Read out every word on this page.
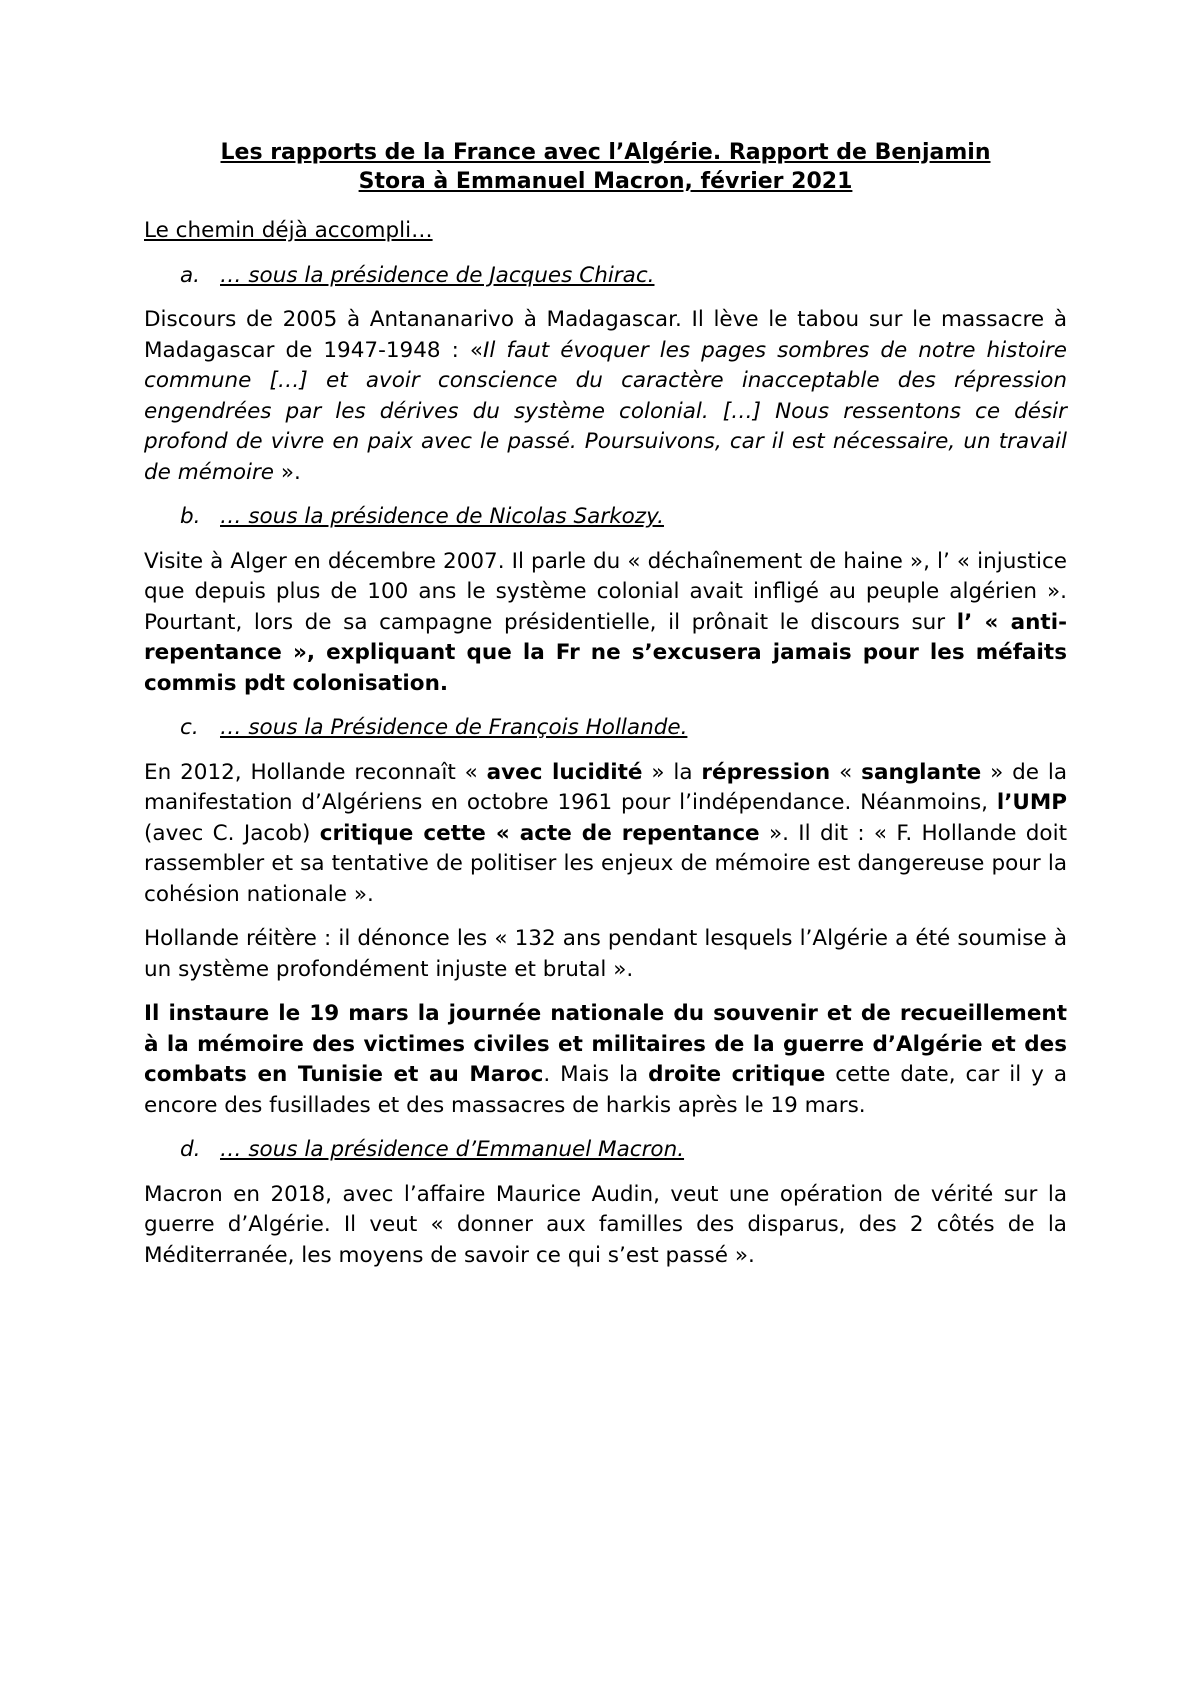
Les rapports de la France avec l’Algérie. Rapport de Benjamin
Stora à Emmanuel Macron, février 2021

Le chemin déjà accompli…

a. … sous la présidence de Jacques Chirac.

Discours de 2005 à Antananarivo à Madagascar. Il lève le tabou sur le massacre à Madagascar de 1947-1948 : «Il faut évoquer les pages sombres de notre histoire commune […] et avoir conscience du caractère inacceptable des répression engendrées par les dérives du système colonial. […] Nous ressentons ce désir profond de vivre en paix avec le passé. Poursuivons, car il est nécessaire, un travail de mémoire ».

b. … sous la présidence de Nicolas Sarkozy.

Visite à Alger en décembre 2007. Il parle du « déchaînement de haine », l’ « injustice que depuis plus de 100 ans le système colonial avait infligé au peuple algérien ». Pourtant, lors de sa campagne présidentielle, il prônait le discours sur l’ « anti-repentance », expliquant que la Fr ne s’excusera jamais pour les méfaits commis pdt colonisation.

c. … sous la Présidence de François Hollande.

En 2012, Hollande reconnaît « avec lucidité » la répression « sanglante » de la manifestation d’Algériens en octobre 1961 pour l’indépendance. Néanmoins, l’UMP (avec C. Jacob) critique cette « acte de repentance ». Il dit : « F. Hollande doit rassembler et sa tentative de politiser les enjeux de mémoire est dangereuse pour la cohésion nationale ».

Hollande réitère : il dénonce les « 132 ans pendant lesquels l’Algérie a été soumise à un système profondément injuste et brutal ».

Il instaure le 19 mars la journée nationale du souvenir et de recueillement à la mémoire des victimes civiles et militaires de la guerre d’Algérie et des combats en Tunisie et au Maroc. Mais la droite critique cette date, car il y a encore des fusillades et des massacres de harkis après le 19 mars.

d. … sous la présidence d’Emmanuel Macron.

Macron en 2018, avec l’affaire Maurice Audin, veut une opération de vérité sur la guerre d’Algérie. Il veut « donner aux familles des disparus, des 2 côtés de la Méditerranée, les moyens de savoir ce qui s’est passé ».
